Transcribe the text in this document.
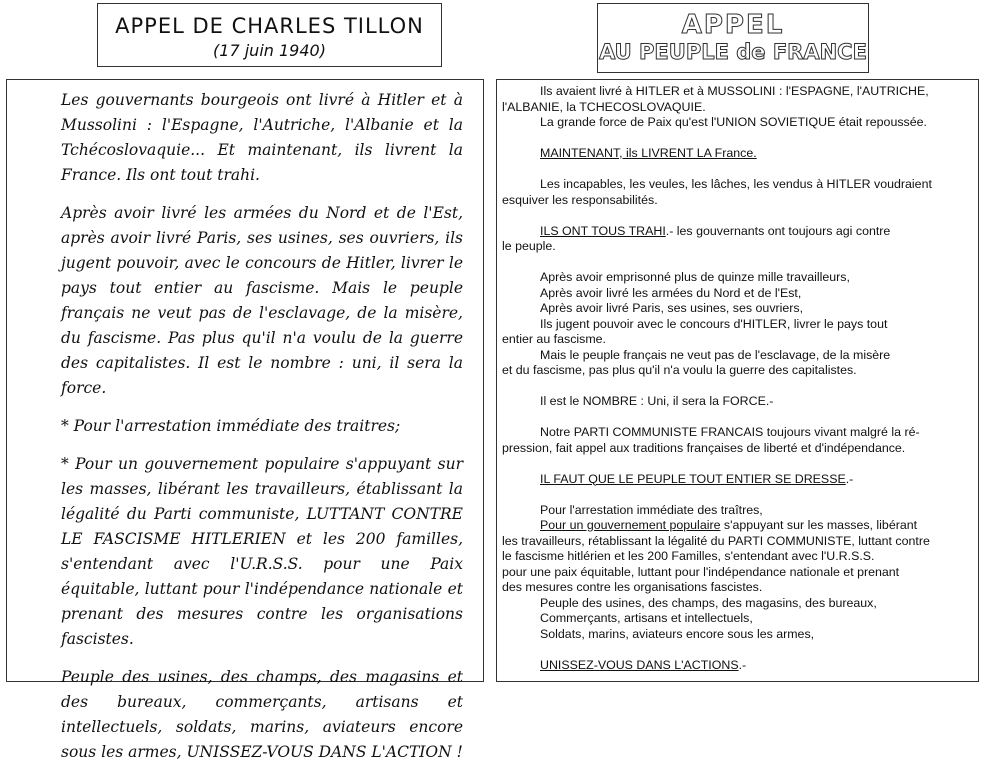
APPEL DE CHARLES TILLON
(17 juin 1940)
APPEL
AU PEUPLE de FRANCE

Les gouvernants bourgeois ont livré à Hitler et à Mussolini : l'Espagne, l'Autriche, l'Albanie et la Tchécoslovaquie... Et maintenant, ils livrent la France. Ils ont tout trahi.

Après avoir livré les armées du Nord et de l'Est, après avoir livré Paris, ses usines, ses ouvriers, ils jugent pouvoir, avec le concours de Hitler, livrer le pays tout entier au fascisme. Mais le peuple français ne veut pas de l'esclavage, de la misère, du fascisme. Pas plus qu'il n'a voulu de la guerre des capitalistes. Il est le nombre : uni, il sera la force.

* Pour l'arrestation immédiate des traitres;

* Pour un gouvernement populaire s'appuyant sur les masses, libérant les travailleurs, établissant la légalité du Parti communiste, LUTTANT CONTRE LE FASCISME HITLERIEN et les 200 familles, s'entendant avec l'U.R.S.S. pour une Paix équitable, luttant pour l'indépendance nationale et prenant des mesures contre les organisations fascistes.

Peuple des usines, des champs, des magasins et des bureaux, commerçants, artisans et intellectuels, soldats, marins, aviateurs encore sous les armes, UNISSEZ-VOUS DANS L'ACTION !

Ils avaient livré à HITLER et à MUSSOLINI : l'ESPAGNE, l'AUTRICHE,
l'ALBANIE, la TCHECOSLOVAQUIE.
La grande force de Paix qu'est l'UNION SOVIETIQUE était repoussée.
MAINTENANT, ils LIVRENT LA France.
Les incapables, les veules, les lâches, les vendus à HITLER voudraient
esquiver les responsabilités.
ILS ONT TOUS TRAHI.- les gouvernants ont toujours agi contre
le peuple.
Après avoir emprisonné plus de quinze mille travailleurs,
Après avoir livré les armées du Nord et de l'Est,
Après avoir livré Paris, ses usines, ses ouvriers,
Ils jugent pouvoir avec le concours d'HITLER, livrer le pays tout
entier au fascisme.
Mais le peuple français ne veut pas de l'esclavage, de la misère
et du fascisme, pas plus qu'il n'a voulu la guerre des capitalistes.
Il est le NOMBRE : Uni, il sera la FORCE.-
Notre PARTI COMMUNISTE FRANCAIS toujours vivant malgré la ré-
pression, fait appel aux traditions françaises de liberté et d'indépendance.
IL FAUT QUE LE PEUPLE TOUT ENTIER SE DRESSE.-
Pour l'arrestation immédiate des traîtres,
Pour un gouvernement populaire s'appuyant sur les masses, libérant
les travailleurs, rétablissant la légalité du PARTI COMMUNISTE, luttant contre
le fascisme hitlérien et les 200 Familles, s'entendant avec l'U.R.S.S.
pour une paix équitable, luttant pour l'indépendance nationale et prenant
des mesures contre les organisations fascistes.
Peuple des usines, des champs, des magasins, des bureaux,
Commerçants, artisans et intellectuels,
Soldats, marins, aviateurs encore sous les armes,
UNISSEZ-VOUS DANS L'ACTIONS.-
